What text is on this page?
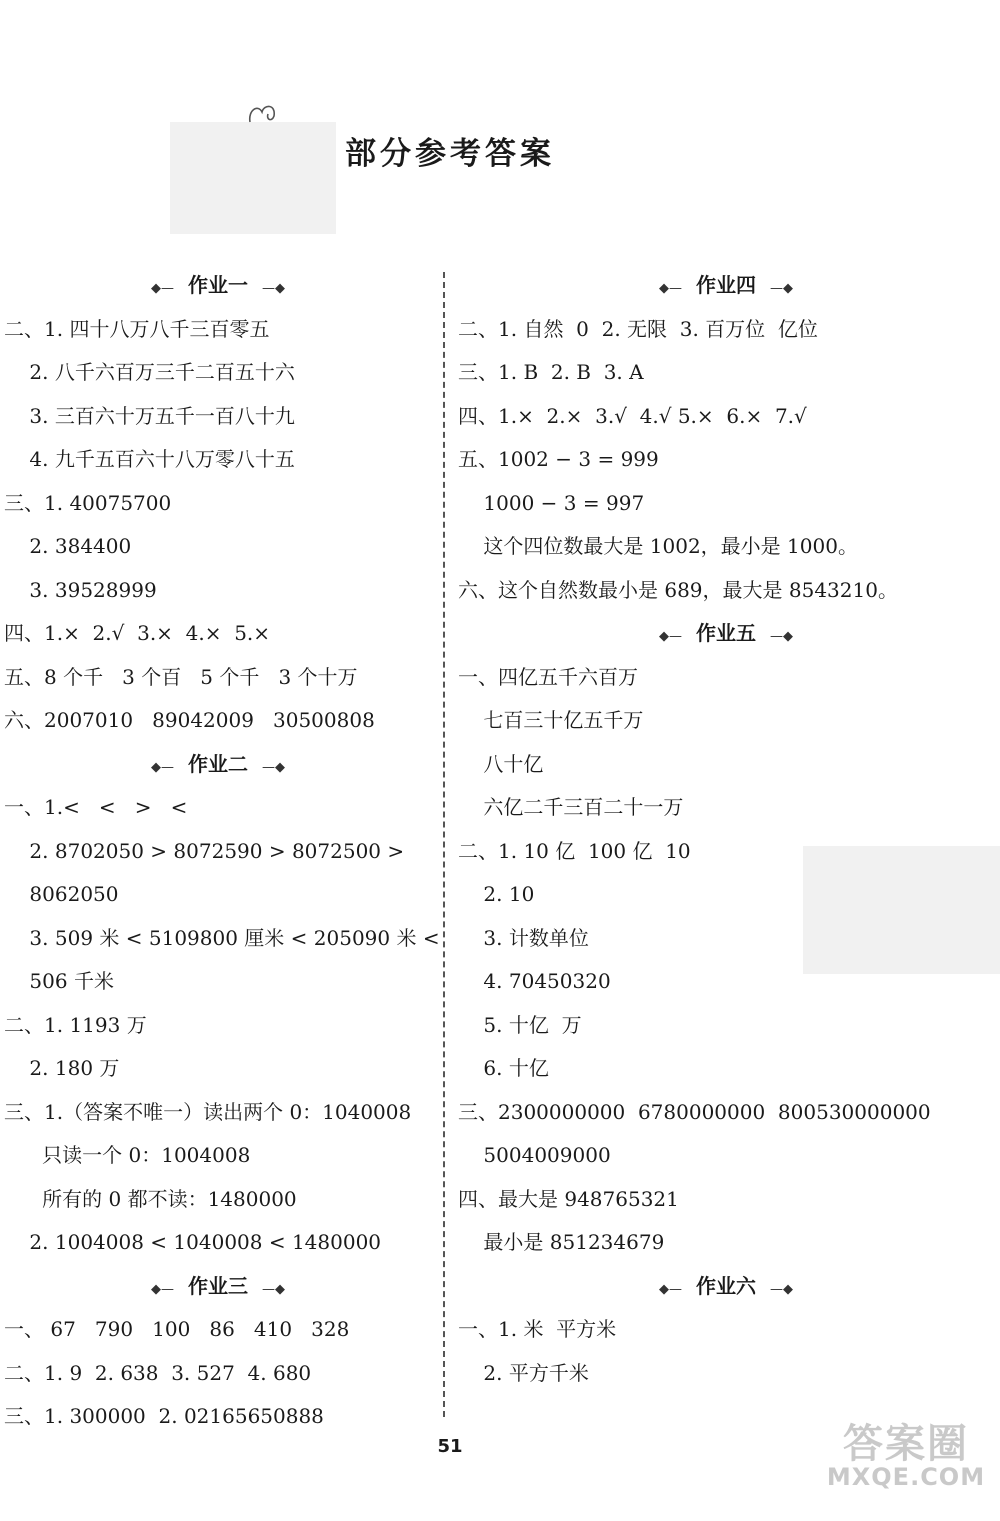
部分参考答案
◆— 作业一 —◆
二、1. 四十八万八千三百零五
2. 八千六百万三千二百五十六
3. 三百六十万五千一百八十九
4. 九千五百六十八万零八十五
三、1. 40075700
2. 384400
3. 39528999
四、1.×  2.√  3.×  4.×  5.×
五、8 个千   3 个百   5 个千   3 个十万
六、2007010   89042009   30500808
◆— 作业二 —◆
一、1.<   <   >   <
2. 8702050 > 8072590 > 8072500 >
8062050
3. 509 米 < 5109800 厘米 < 205090 米 <
506 千米
二、1. 1193 万
2. 180 万
三、1.（答案不唯一）读出两个 0：1040008
只读一个 0：1004008
所有的 0 都不读：1480000
2. 1004008 < 1040008 < 1480000
◆— 作业三 —◆
一、 67   790   100   86   410   328
二、1. 9  2. 638  3. 527  4. 680
三、1. 300000  2. 02165650888
◆— 作业四 —◆
二、1. 自然  0  2. 无限  3. 百万位  亿位
三、1. B  2. B  3. A
四、1.×  2.×  3.√  4.√ 5.×  6.×  7.√
五、1002 − 3 = 999
1000 − 3 = 997
这个四位数最大是 1002，最小是 1000。
六、这个自然数最小是 689，最大是 8543210。
◆— 作业五 —◆
一、四亿五千六百万
七百三十亿五千万
八十亿
六亿二千三百二十一万
二、1. 10 亿  100 亿  10
2. 10
3. 计数单位
4. 70450320
5. 十亿  万
6. 十亿
三、2300000000  6780000000  800530000000
5004009000
四、最大是 948765321
最小是 851234679
◆— 作业六 —◆
一、1. 米  平方米
2. 平方千米
51	答案圈
MXQE.COM
